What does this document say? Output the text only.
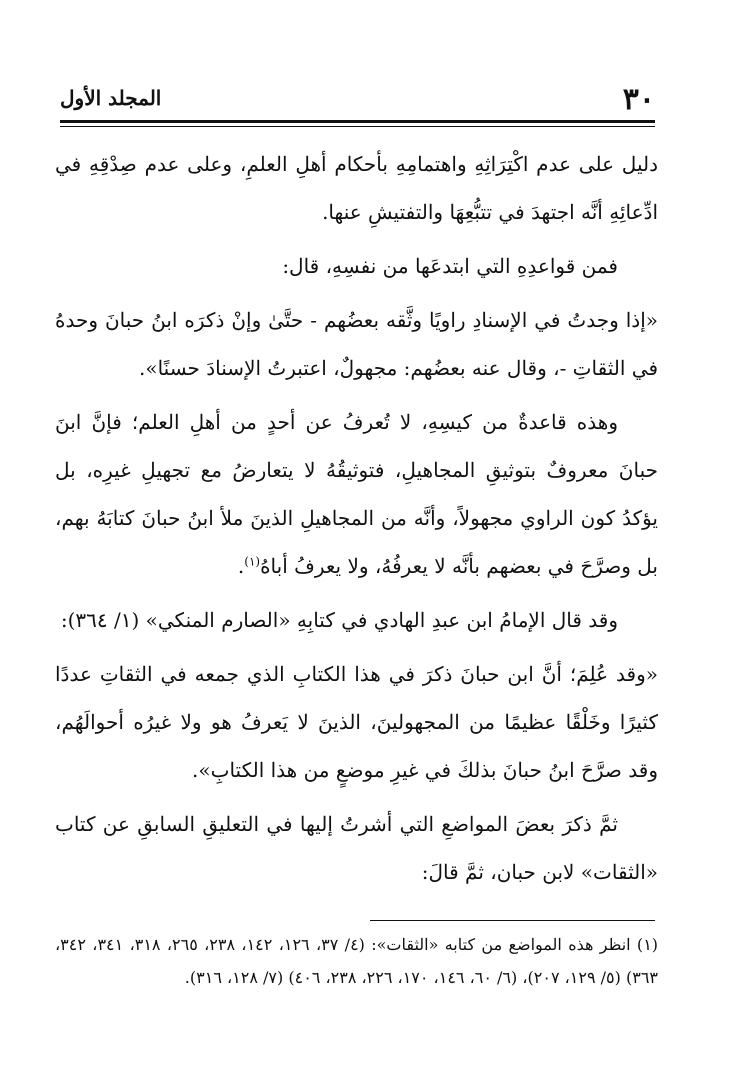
٣٠
المجلد الأول

دليل على عدم اكْتِرَاثِهِ واهتمامِهِ بأحكام أهلِ العلمِ، وعلى عدم صِدْقِهِ في ادِّعائِهِ أنَّه اجتهدَ في تتبُّعِهَا والتفتيشِ عنها.

فمن قواعدِهِ التي ابتدعَها من نفسِهِ، قال:

«إذا وجدتُ في الإسنادِ راويًا وثَّقه بعضُهم - حتَّىٰ وإنْ ذكرَه ابنُ حبانَ وحدهُ في الثقاتِ -، وقال عنه بعضُهم: مجهولٌ، اعتبرتُ الإسنادَ حسنًا».

وهذه قاعدةٌ من كيسِهِ، لا تُعرفُ عن أحدٍ من أهلِ العلم؛ فإنَّ ابنَ حبانَ معروفٌ بتوثيقِ المجاهيلِ، فتوثيقُهُ لا يتعارضُ مع تجهيلِ غيرِه، بل يؤكدُ كون الراوي مجهولاً، وأنَّه من المجاهيلِ الذينَ ملأ ابنُ حبانَ كتابَهُ بهم، بل وصرَّحَ في بعضهم بأنَّه لا يعرفُهُ، ولا يعرفُ أباهُ$^{(١)}$.

وقد قال الإمامُ ابن عبدِ الهادي في كتابِهِ «الصارم المنكي» (١/ ٣٦٤):

«وقد عُلِمَ؛ أنَّ ابن حبانَ ذكرَ في هذا الكتابِ الذي جمعه في الثقاتِ عددًا كثيرًا وخَلْقًا عظيمًا من المجهولينَ، الذينَ لا يَعرفُ هو ولا غيرُه أحوالَهُم، وقد صرَّحَ ابنُ حبانَ بذلكَ في غيرِ موضعٍ من هذا الكتابِ».

ثمَّ ذكرَ بعضَ المواضعِ التي أشرتُ إليها في التعليقِ السابقِ عن كتاب «الثقات» لابن حبان، ثمَّ قالَ:

(١) انظر هذه المواضع من كتابه «الثقات»: (٤/ ٣٧، ١٢٦، ١٤٢، ٢٣٨، ٢٦٥، ٣١٨، ٣٤١، ٣٤٢، ٣٦٣) (٥/ ١٢٩، ٢٠٧)، (٦/ ٦٠، ١٤٦، ١٧٠، ٢٢٦، ٢٣٨، ٤٠٦) (٧/ ١٢٨، ٣١٦).
